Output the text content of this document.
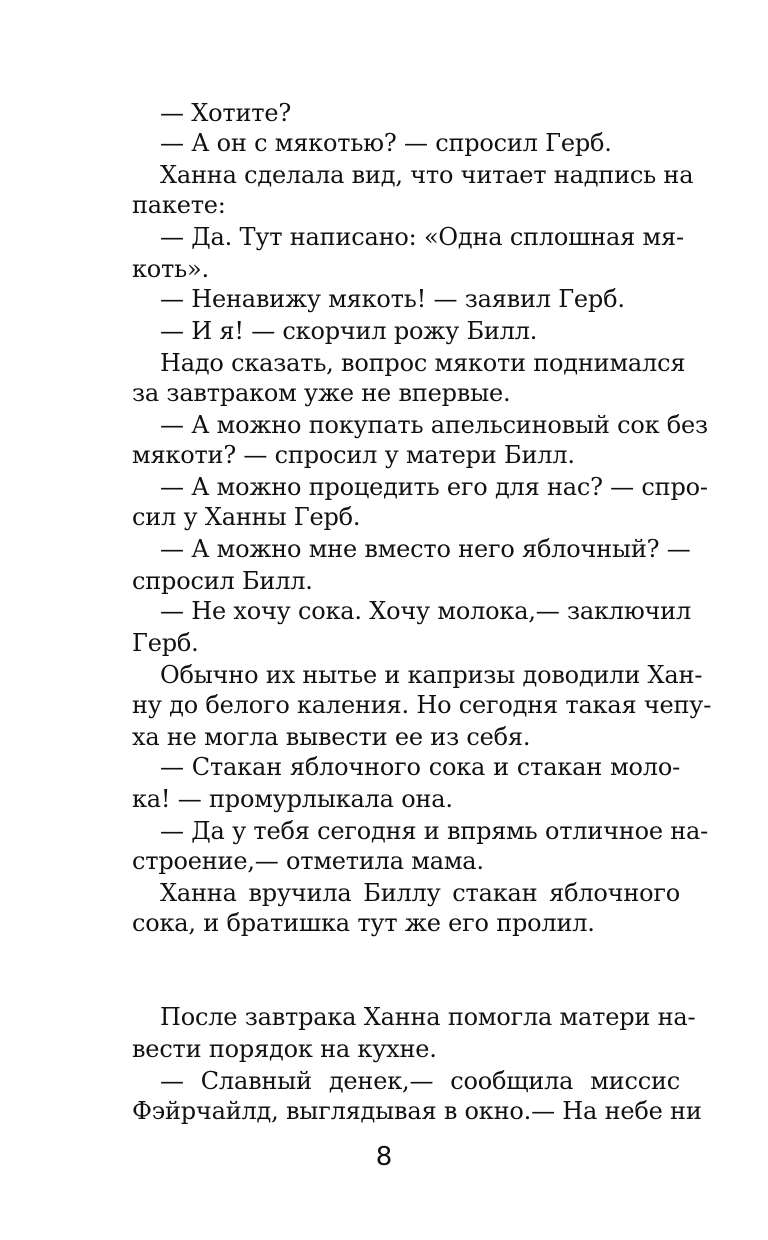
— Хотите?
— А он с мякотью? — спросил Герб.
Ханна сделала вид, что читает надпись на
пакете:
— Да. Тут написано: «Одна сплошная мя-
коть».
— Ненавижу мякоть! — заявил Герб.
— И я! — скорчил рожу Билл.
Надо сказать, вопрос мякоти поднимался
за завтраком уже не впервые.
— А можно покупать апельсиновый сок без
мякоти? — спросил у матери Билл.
— А можно процедить его для нас? — спро-
сил у Ханны Герб.
— А можно мне вместо него яблочный? —
спросил Билл.
— Не хочу сока. Хочу молока,— заключил
Герб.
Обычно их нытье и капризы доводили Хан-
ну до белого каления. Но сегодня такая чепу-
ха не могла вывести ее из себя.
— Стакан яблочного сока и стакан моло-
ка! — промурлыкала она.
— Да у тебя сегодня и впрямь отличное на-
строение,— отметила мама.
Ханна вручила Биллу стакан яблочного
сока, и братишка тут же его пролил.
После завтрака Ханна помогла матери на-
вести порядок на кухне.
— Славный денек,— сообщила миссис
Фэйрчайлд, выглядывая в окно.— На небе ни
8
